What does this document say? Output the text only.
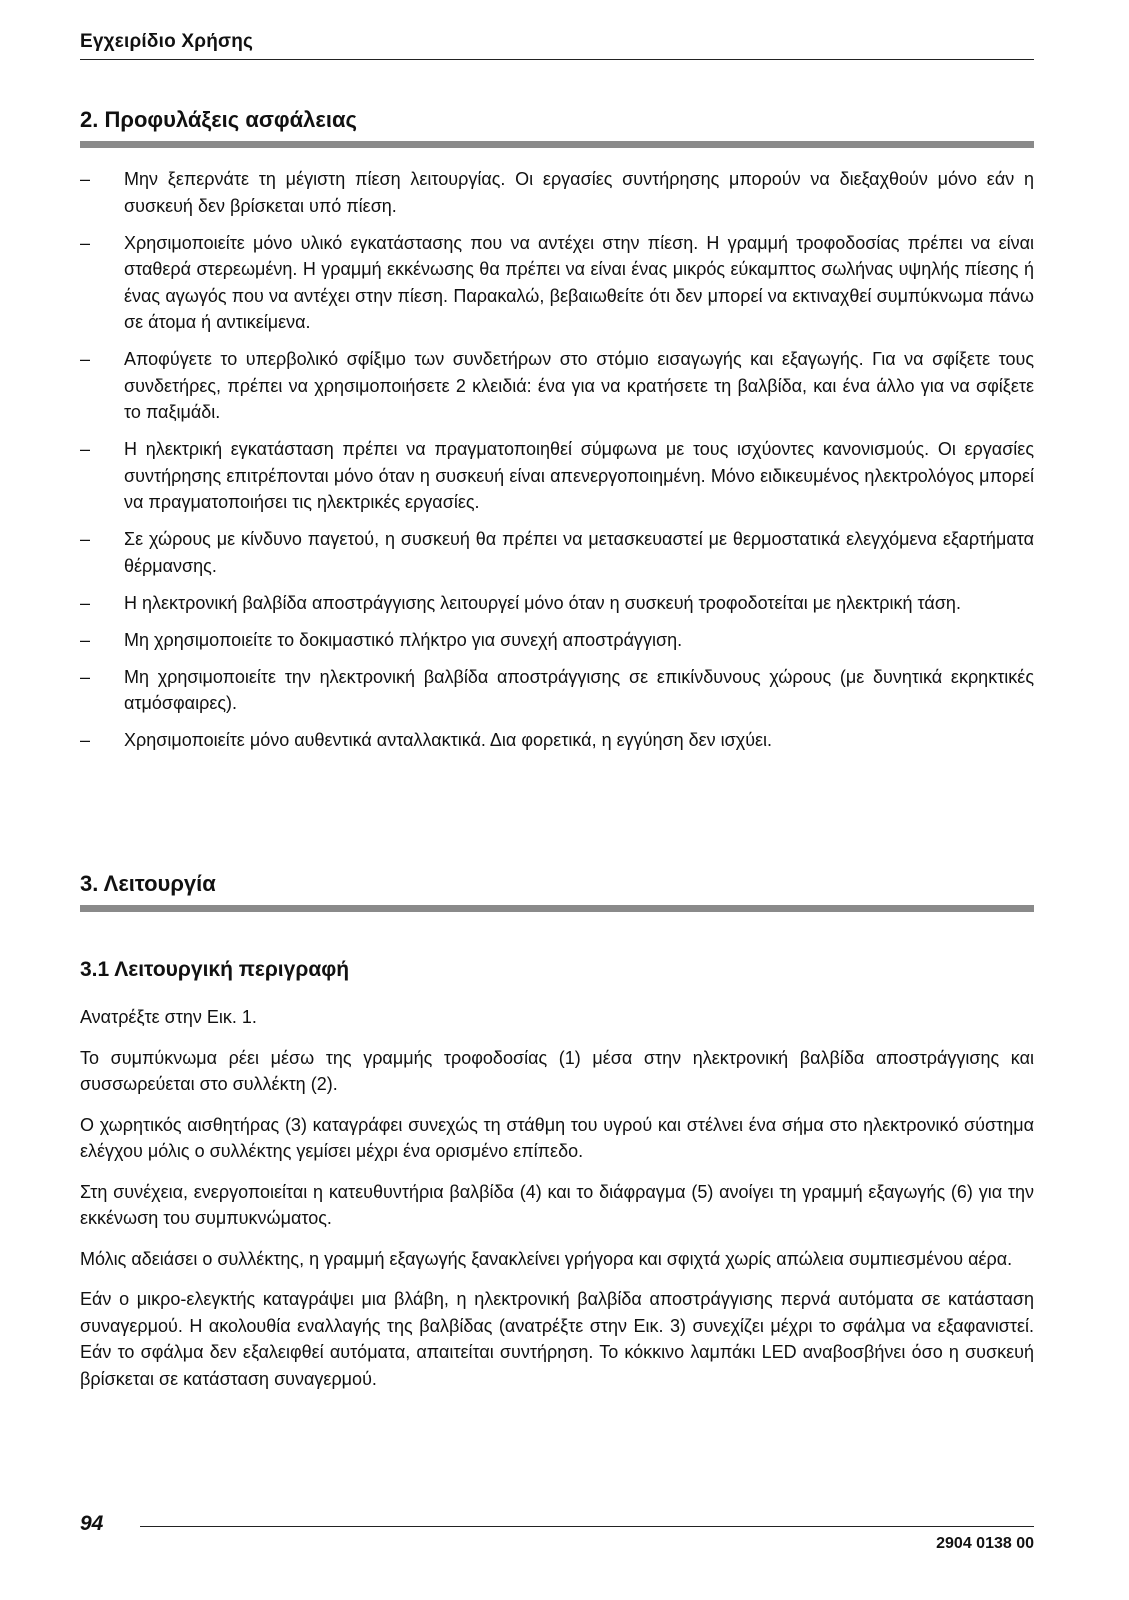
Εγχειρίδιο Χρήσης
2. Προφυλάξεις ασφάλειας
– Μην ξεπερνάτε τη μέγιστη πίεση λειτουργίας. Οι εργασίες συντήρησης μπορούν να διεξαχθούν μόνο εάν η συσκευή δεν βρίσκεται υπό πίεση.
– Χρησιμοποιείτε μόνο υλικό εγκατάστασης που να αντέχει στην πίεση. Η γραμμή τροφοδοσίας πρέπει να είναι σταθερά στερεωμένη. Η γραμμή εκκένωσης θα πρέπει να είναι ένας μικρός εύκαμπτος σωλήνας υψηλής πίεσης ή ένας αγωγός που να αντέχει στην πίεση. Παρακαλώ, βεβαιωθείτε ότι δεν μπορεί να εκτιναχθεί συμπύκνωμα πάνω σε άτομα ή αντικείμενα.
– Αποφύγετε το υπερβολικό σφίξιμο των συνδετήρων στο στόμιο εισαγωγής και εξαγωγής. Για να σφίξετε τους συνδετήρες, πρέπει να χρησιμοποιήσετε 2 κλειδιά: ένα για να κρατήσετε τη βαλβίδα, και ένα άλλο για να σφίξετε το παξιμάδι.
– Η ηλεκτρική εγκατάσταση πρέπει να πραγματοποιηθεί σύμφωνα με τους ισχύοντες κανονισμούς. Οι εργασίες συντήρησης επιτρέπονται μόνο όταν η συσκευή είναι απενεργοποιημένη. Μόνο ειδικευμένος ηλεκτρολόγος μπορεί να πραγματοποιήσει τις ηλεκτρικές εργασίες.
– Σε χώρους με κίνδυνο παγετού, η συσκευή θα πρέπει να μετασκευαστεί με θερμοστατικά ελεγχόμενα εξαρτήματα θέρμανσης.
– Η ηλεκτρονική βαλβίδα αποστράγγισης λειτουργεί μόνο όταν η συσκευή τροφοδοτείται με ηλεκτρική τάση.
– Μη χρησιμοποιείτε το δοκιμαστικό πλήκτρο για συνεχή αποστράγγιση.
– Μη χρησιμοποιείτε την ηλεκτρονική βαλβίδα αποστράγγισης σε επικίνδυνους χώρους (με δυνητικά εκρηκτικές ατμόσφαιρες).
– Χρησιμοποιείτε μόνο αυθεντικά ανταλλακτικά. Δια φορετικά, η εγγύηση δεν ισχύει.
3. Λειτουργία
3.1 Λειτουργική περιγραφή

Ανατρέξτε στην Εικ. 1.

Το συμπύκνωμα ρέει μέσω της γραμμής τροφοδοσίας (1) μέσα στην ηλεκτρονική βαλβίδα αποστράγγισης και συσσωρεύεται στο συλλέκτη (2).

Ο χωρητικός αισθητήρας (3) καταγράφει συνεχώς τη στάθμη του υγρού και στέλνει ένα σήμα στο ηλεκτρονικό σύστημα ελέγχου μόλις ο συλλέκτης γεμίσει μέχρι ένα ορισμένο επίπεδο.

Στη συνέχεια, ενεργοποιείται η κατευθυντήρια βαλβίδα (4) και το διάφραγμα (5) ανοίγει τη γραμμή εξαγωγής (6) για την εκκένωση του συμπυκνώματος.

Μόλις αδειάσει ο συλλέκτης, η γραμμή εξαγωγής ξανακλείνει γρήγορα και σφιχτά χωρίς απώλεια συμπιεσμένου αέρα.

Εάν ο μικρο-ελεγκτής καταγράψει μια βλάβη, η ηλεκτρονική βαλβίδα αποστράγγισης περνά αυτόματα σε κατάσταση συναγερμού. Η ακολουθία εναλλαγής της βαλβίδας (ανατρέξτε στην Εικ. 3) συνεχίζει μέχρι το σφάλμα να εξαφανιστεί. Εάν το σφάλμα δεν εξαλειφθεί αυτόματα, απαιτείται συντήρηση. Το κόκκινο λαμπάκι LED αναβοσβήνει όσο η συσκευή βρίσκεται σε κατάσταση συναγερμού.

94
2904 0138 00
